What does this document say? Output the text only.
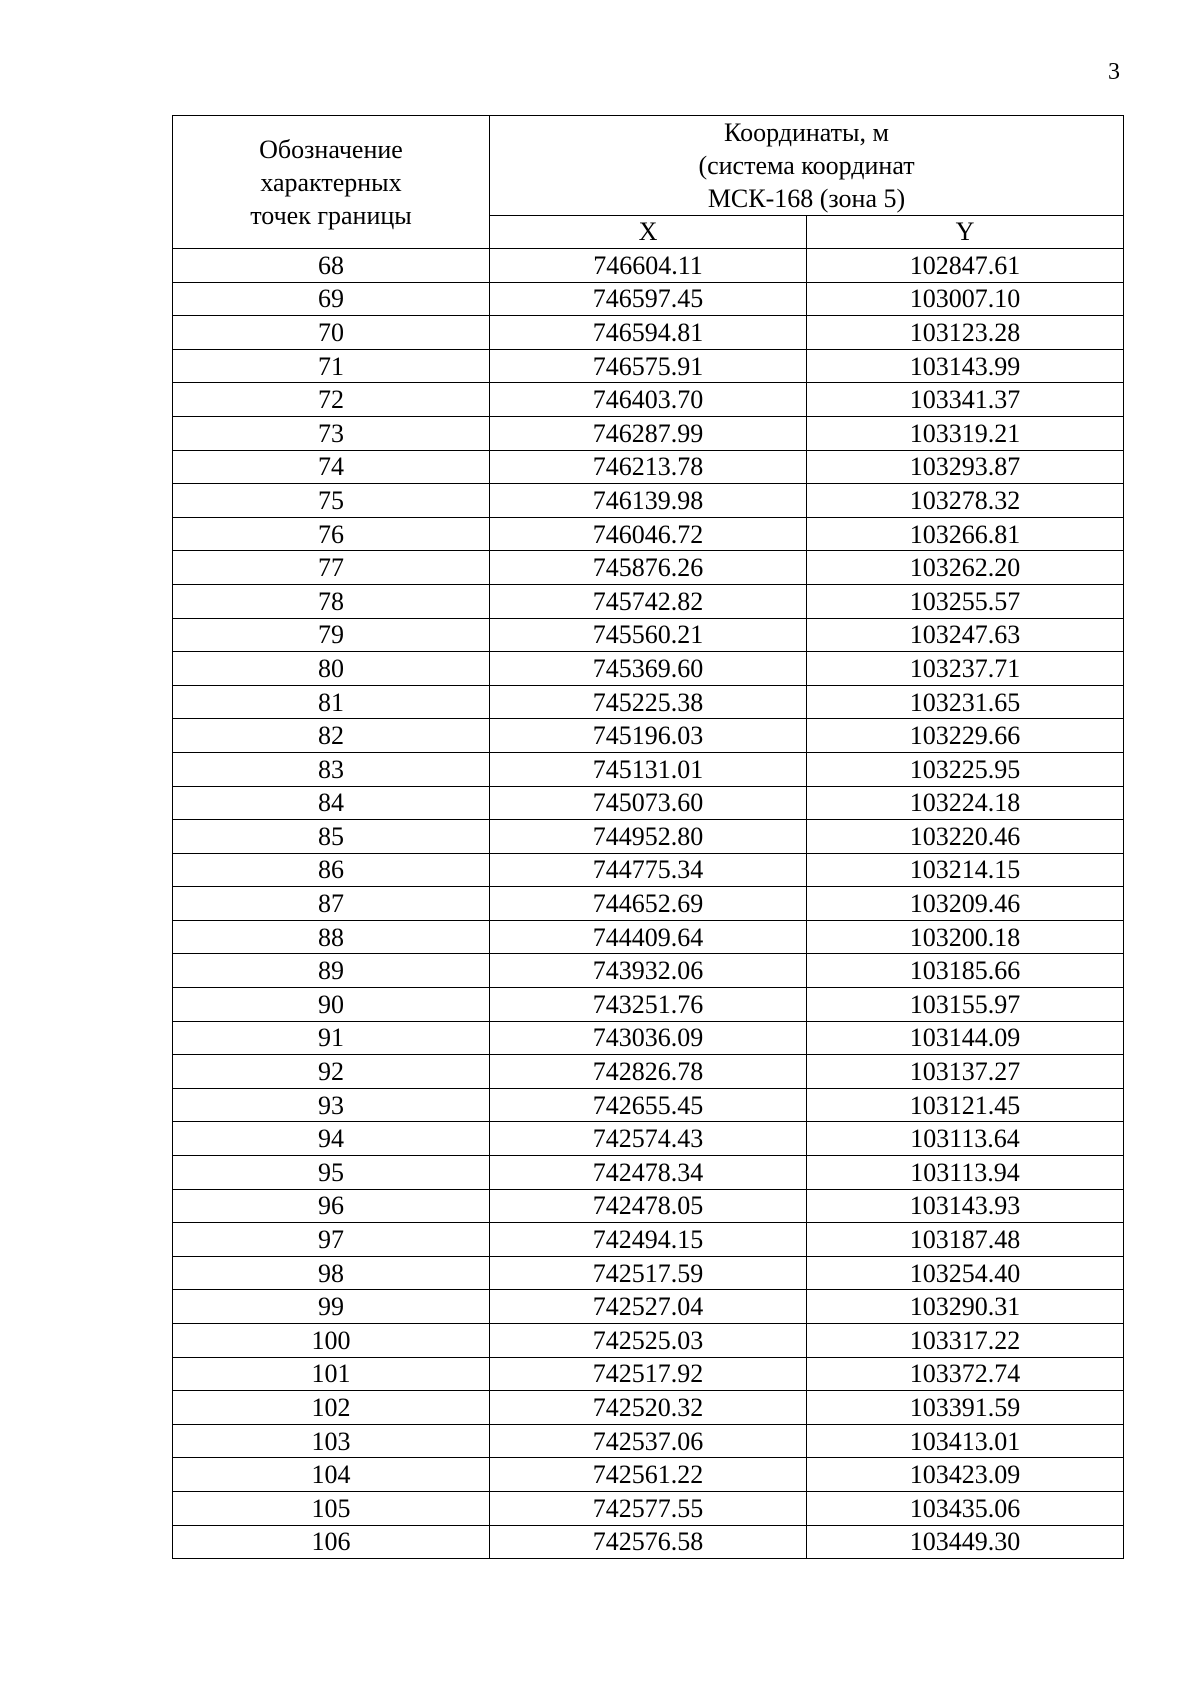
3
Обозначение
характерных
точек границы	Координаты, м
(система координат
МСК-168 (зона 5)	

	X	Y
68	746604.11	102847.61
69	746597.45	103007.10
70	746594.81	103123.28
71	746575.91	103143.99
72	746403.70	103341.37
73	746287.99	103319.21
74	746213.78	103293.87
75	746139.98	103278.32
76	746046.72	103266.81
77	745876.26	103262.20
78	745742.82	103255.57
79	745560.21	103247.63
80	745369.60	103237.71
81	745225.38	103231.65
82	745196.03	103229.66
83	745131.01	103225.95
84	745073.60	103224.18
85	744952.80	103220.46
86	744775.34	103214.15
87	744652.69	103209.46
88	744409.64	103200.18
89	743932.06	103185.66
90	743251.76	103155.97
91	743036.09	103144.09
92	742826.78	103137.27
93	742655.45	103121.45
94	742574.43	103113.64
95	742478.34	103113.94
96	742478.05	103143.93
97	742494.15	103187.48
98	742517.59	103254.40
99	742527.04	103290.31
100	742525.03	103317.22
101	742517.92	103372.74
102	742520.32	103391.59
103	742537.06	103413.01
104	742561.22	103423.09
105	742577.55	103435.06
106	742576.58	103449.30
